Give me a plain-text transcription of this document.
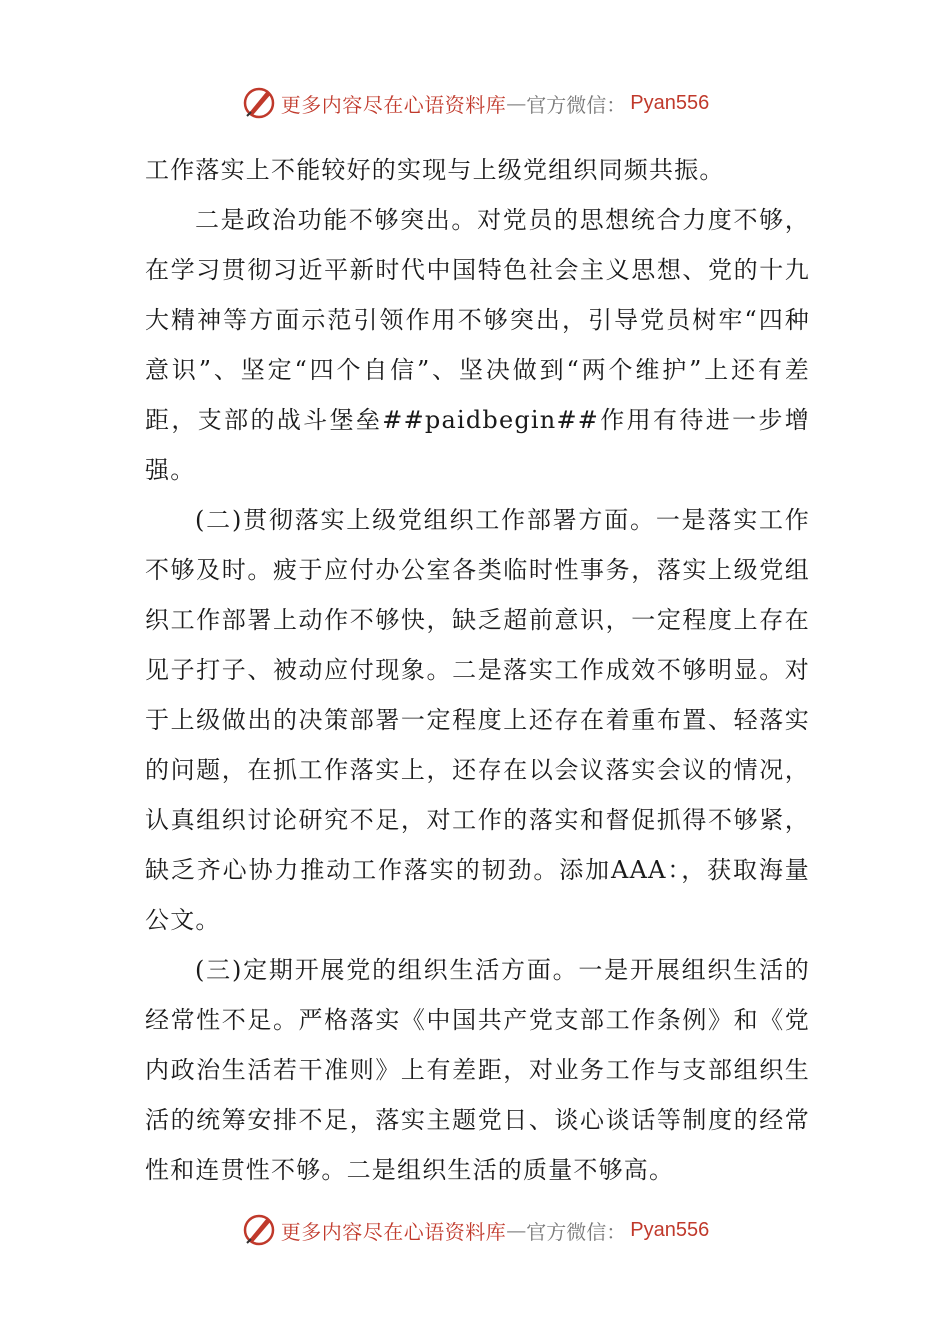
更多内容尽在心语资料库 — 官方微信： Pyan556

工作落实上不能较好的实现与上级党组织同频共振。

二是政治功能不够突出。对党员的思想统合力度不够，在学习贯彻习近平新时代中国特色社会主义思想、党的十九大精神等方面示范引领作用不够突出，引导党员树牢“四种意识”、坚定“四个自信”、坚决做到“两个维护”上还有差距，支部的战斗堡垒##paidbegin##作用有待进一步增强。

(二)贯彻落实上级党组织工作部署方面。一是落实工作不够及时。疲于应付办公室各类临时性事务，落实上级党组织工作部署上动作不够快，缺乏超前意识，一定程度上存在见子打子、被动应付现象。二是落实工作成效不够明显。对于上级做出的决策部署一定程度上还存在着重布置、轻落实的问题，在抓工作落实上，还存在以会议落实会议的情况，认真组织讨论研究不足，对工作的落实和督促抓得不够紧，缺乏齐心协力推动工作落实的韧劲。添加AAA：，获取海量公文。

(三)定期开展党的组织生活方面。一是开展组织生活的经常性不足。严格落实《中国共产党支部工作条例》和《党内政治生活若干准则》上有差距，对业务工作与支部组织生活的统筹安排不足，落实主题党日、谈心谈话等制度的经常性和连贯性不够。二是组织生活的质量不够高。

更多内容尽在心语资料库 — 官方微信： Pyan556
